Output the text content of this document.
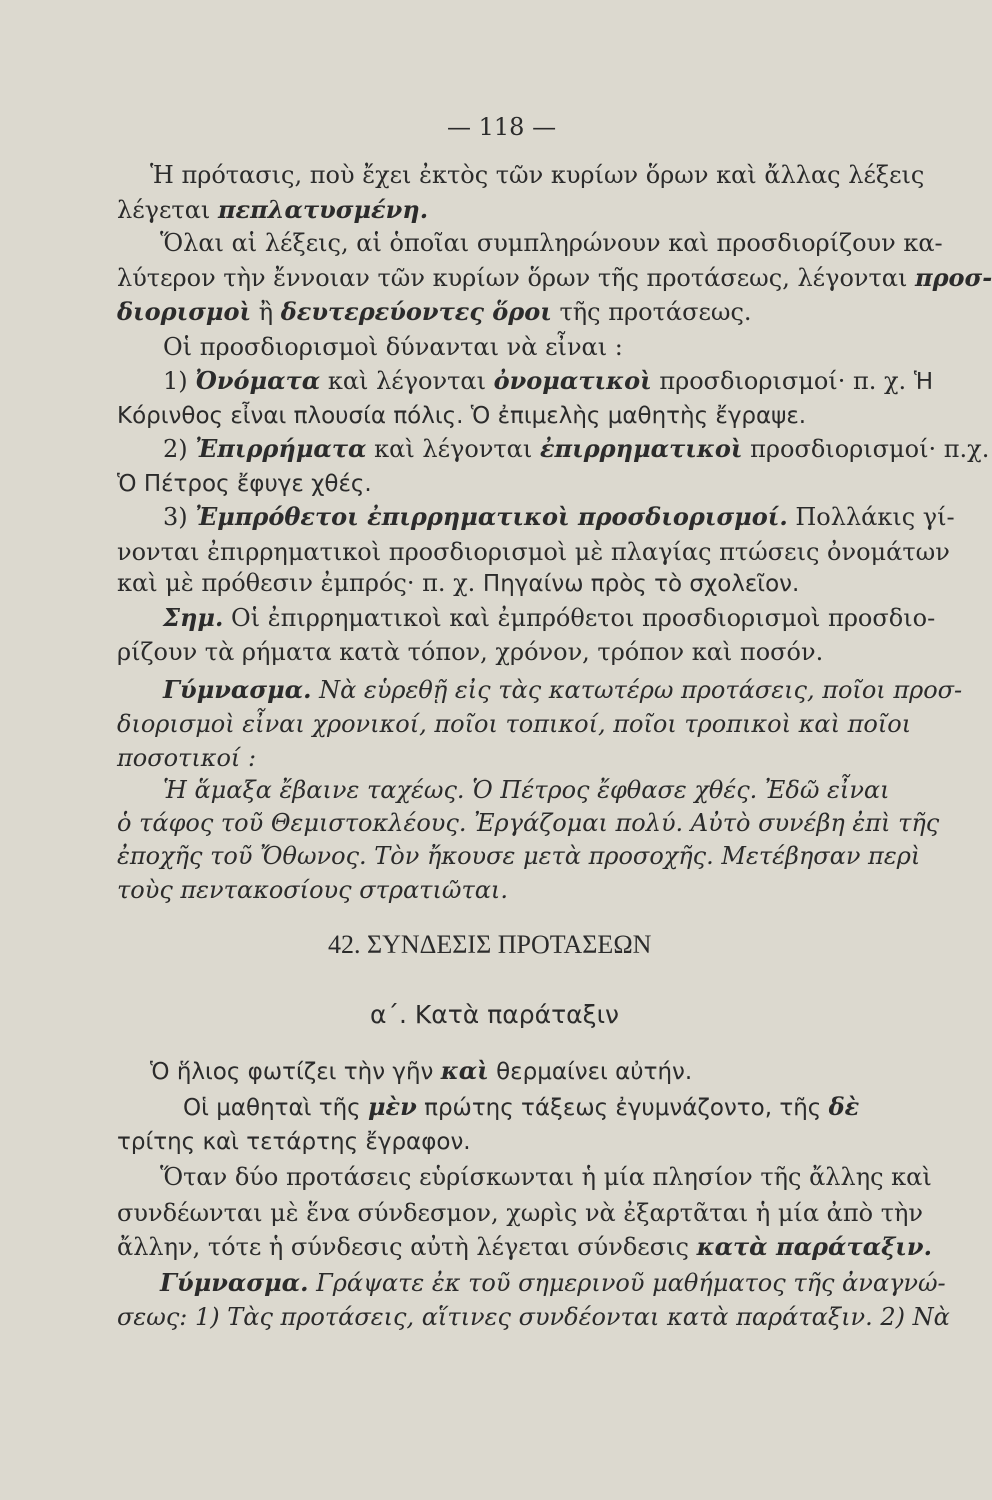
— 118 —
Ἡ πρότασις, ποὺ ἔχει ἐκτὸς τῶν κυρίων ὅρων καὶ ἄλλας λέξεις
λέγεται πεπλατυσμένη.
Ὅλαι αἱ λέξεις, αἱ ὁποῖαι συμπληρώνουν καὶ προσδιορίζουν κα-
λύτερον τὴν ἔννοιαν τῶν κυρίων ὅρων τῆς προτάσεως, λέγονται προσ-
διορισμοὶ ἢ δευτερεύοντες ὅροι τῆς προτάσεως.
Οἱ προσδιορισμοὶ δύνανται νὰ εἶναι :
1) Ὀνόματα καὶ λέγονται ὀνοματικοὶ προσδιορισμοί· π. χ. Ἡ
Κόρινθος εἶναι πλουσία πόλις. Ὁ ἐπιμελὴς μαθητὴς ἔγραψε.
2) Ἐπιρρήματα καὶ λέγονται ἐπιρρηματικοὶ προσδιορισμοί· π.χ.
Ὁ Πέτρος ἔφυγε χθές.
3) Ἐμπρόθετοι ἐπιρρηματικοὶ προσδιορισμοί. Πολλάκις γί-
νονται ἐπιρρηματικοὶ προσδιορισμοὶ μὲ πλαγίας πτώσεις ὀνομάτων
καὶ μὲ πρόθεσιν ἐμπρός· π. χ. Πηγαίνω πρὸς τὸ σχολεῖον.
Σημ. Οἱ ἐπιρρηματικοὶ καὶ ἐμπρόθετοι προσδιορισμοὶ προσδιο-
ρίζουν τὰ ρήματα κατὰ τόπον, χρόνον, τρόπον καὶ ποσόν.
Γύμνασμα. Νὰ εὑρεθῇ εἰς τὰς κατωτέρω προτάσεις, ποῖοι προσ-
διορισμοὶ εἶναι χρονικοί, ποῖοι τοπικοί, ποῖοι τροπικοὶ καὶ ποῖοι
ποσοτικοί :
Ἡ ἅμαξα ἔβαινε ταχέως. Ὁ Πέτρος ἔφθασε χθές. Ἐδῶ εἶναι
ὁ τάφος τοῦ Θεμιστοκλέους. Ἐργάζομαι πολύ. Αὐτὸ συνέβη ἐπὶ τῆς
ἐποχῆς τοῦ Ὄθωνος. Τὸν ἤκουσε μετὰ προσοχῆς. Μετέβησαν περὶ
τοὺς πεντακοσίους στρατιῶται.
42. ΣΥΝΔΕΣΙΣ ΠΡΟΤΑΣΕΩΝ
α΄. Κατὰ παράταξιν
Ὁ ἥλιος φωτίζει τὴν γῆν καὶ θερμαίνει αὐτήν.
Οἱ μαθηταὶ τῆς μὲν πρώτης τάξεως ἐγυμνάζοντο, τῆς δὲ
τρίτης καὶ τετάρτης ἔγραφον.
Ὅταν δύο προτάσεις εὑρίσκωνται ἡ μία πλησίον τῆς ἄλλης καὶ
συνδέωνται μὲ ἕνα σύνδεσμον, χωρὶς νὰ ἐξαρτᾶται ἡ μία ἀπὸ τὴν
ἄλλην, τότε ἡ σύνδεσις αὐτὴ λέγεται σύνδεσις κατὰ παράταξιν.
Γύμνασμα. Γράψατε ἐκ τοῦ σημερινοῦ μαθήματος τῆς ἀναγνώ-
σεως: 1) Τὰς προτάσεις, αἵτινες συνδέονται κατὰ παράταξιν. 2) Νὰ
